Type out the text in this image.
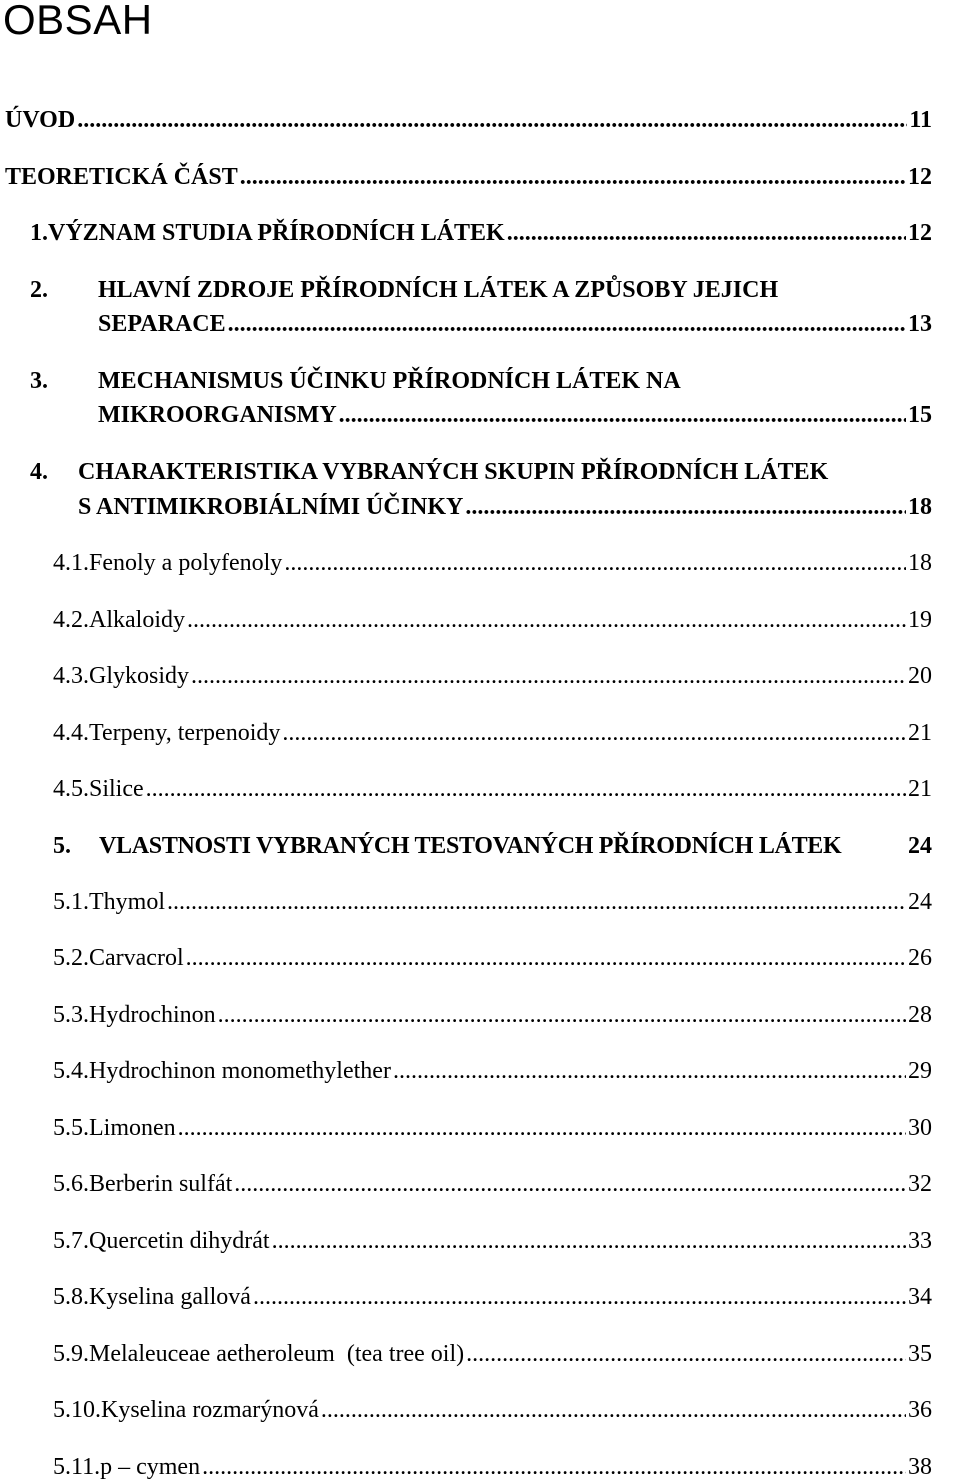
OBSAH
ÚVOD .....	11
TEORETICKÁ ČÁST .....	12
1. VÝZNAM STUDIA PŘÍRODNÍCH LÁTEK .....	12
2.	HLAVNÍ ZDROJE PŘÍRODNÍCH LÁTEK A ZPŮSOBY JEJICH
SEPARACE .....	13
3.	MECHANISMUS ÚČINKU PŘÍRODNÍCH LÁTEK NA
MIKROORGANISMY .....	15
4.	CHARAKTERISTIKA VYBRANÝCH SKUPIN PŘÍRODNÍCH LÁTEK
S ANTIMIKROBIÁLNÍMI ÚČINKY .....	18
4.1. Fenoly a polyfenoly .....	18
4.2. Alkaloidy .....	19
4.3. Glykosidy .....	20
4.4. Terpeny, terpenoidy .....	21
4.5. Silice .....	21
5.	VLASTNOSTI VYBRANÝCH TESTOVANÝCH PŘÍRODNÍCH LÁTEK	24
5.1. Thymol .....	24
5.2. Carvacrol .....	26
5.3. Hydrochinon .....	28
5.4. Hydrochinon monomethylether .....	29
5.5. Limonen .....	30
5.6. Berberin sulfát .....	32
5.7. Quercetin dihydrát .....	33
5.8. Kyselina gallová .....	34
5.9. Melaleuceae aetheroleum  (tea tree oil) .....	35
5.10. Kyselina rozmarýnová .....	36
5.11. p – cymen .....	38
